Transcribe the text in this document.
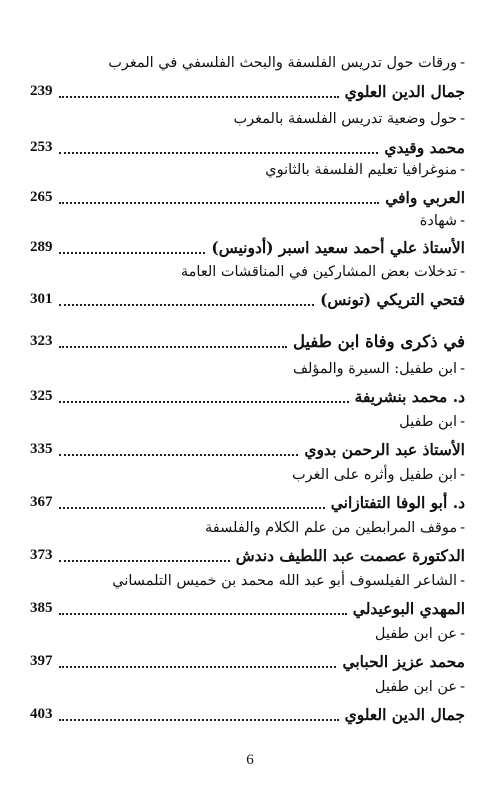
-
ورقات حول تدريس الفلسفة والبحث الفلسفي في المغرب
جمال الدين العلوي
239
-
حول وضعية تدريس الفلسفة بالمغرب
محمد وقيدي
253
-
منوغرافيا تعليم الفلسفة بالثانوي
العربي وافي
265
-
شهادة
الأستاذ علي أحمد سعيد اسبر (أدونيس)
289
-
تدخلات بعض المشاركين في المناقشات العامة
فتحي التريكي (تونس)
301
في ذكرى وفاة ابن طفيل
323
-
ابن طفيل: السيرة والمؤلف
د. محمد بنشريفة
325
-
ابن طفيل
الأستاذ عبد الرحمن بدوي
335
-
ابن طفيل وأثره على الغرب
د. أبو الوفا التفتازاني
367
-
موقف المرابطين من علم الكلام والفلسفة
الدكتورة عصمت عبد اللطيف دندش
373
-
الشاعر الفيلسوف أبو عبد الله محمد بن خميس التلمساني
المهدي البوعيدلي
385
-
عن ابن طفيل
محمد عزيز الحبابي
397
-
عن ابن طفيل
جمال الدين العلوي
403
6
